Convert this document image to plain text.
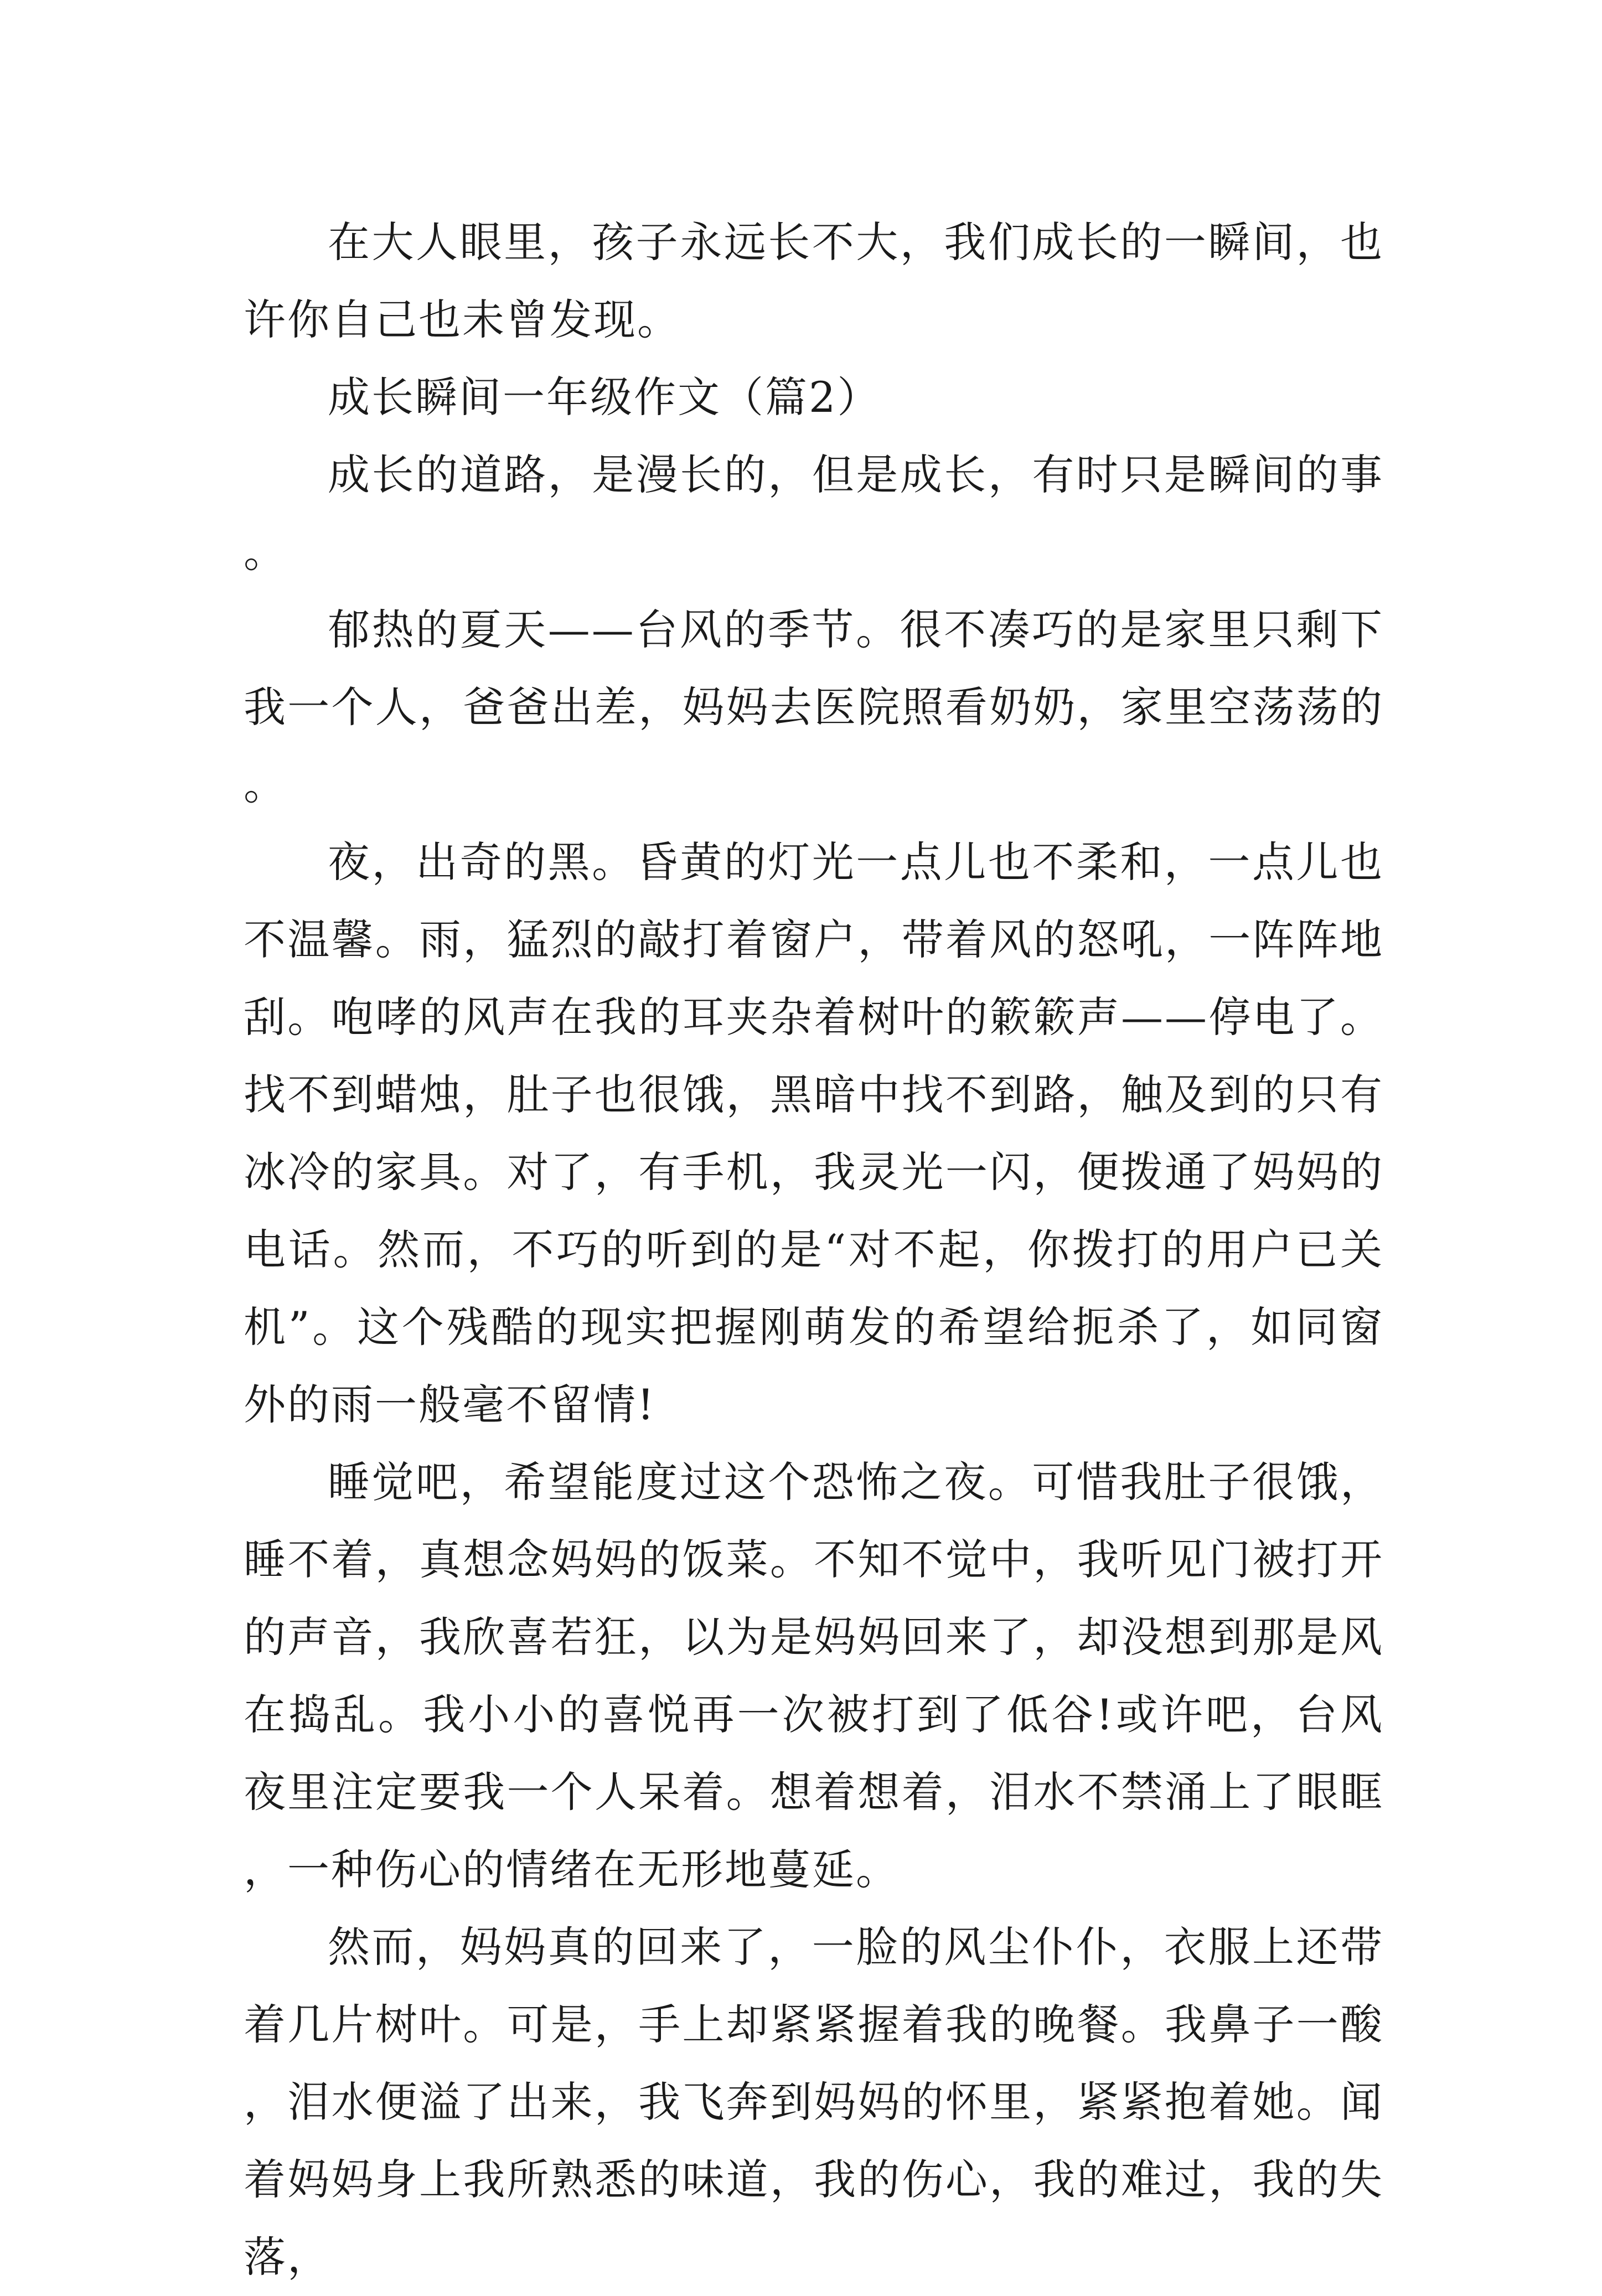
在大人眼里，孩子永远长不大，我们成长的一瞬间，也许你自己也未曾发现。

成长瞬间一年级作文（篇2）

成长的道路，是漫长的，但是成长，有时只是瞬间的事。

郁热的夏天——台风的季节。很不凑巧的是家里只剩下我一个人，爸爸出差，妈妈去医院照看奶奶，家里空荡荡的。

夜，出奇的黑。昏黄的灯光一点儿也不柔和，一点儿也不温馨。雨，猛烈的敲打着窗户，带着风的怒吼，一阵阵地刮。咆哮的风声在我的耳夹杂着树叶的簌簌声——停电了。找不到蜡烛，肚子也很饿，黑暗中找不到路，触及到的只有冰冷的家具。对了，有手机，我灵光一闪，便拨通了妈妈的电话。然而，不巧的听到的是“对不起，你拨打的用户已关机”。这个残酷的现实把握刚萌发的希望给扼杀了，如同窗外的雨一般毫不留情!

睡觉吧，希望能度过这个恐怖之夜。可惜我肚子很饿，睡不着，真想念妈妈的饭菜。不知不觉中，我听见门被打开的声音，我欣喜若狂，以为是妈妈回来了，却没想到那是风在捣乱。我小小的喜悦再一次被打到了低谷!或许吧，台风夜里注定要我一个人呆着。想着想着，泪水不禁涌上了眼眶，一种伤心的情绪在无形地蔓延。

然而，妈妈真的回来了，一脸的风尘仆仆，衣服上还带着几片树叶。可是，手上却紧紧握着我的晚餐。我鼻子一酸，泪水便溢了出来，我飞奔到妈妈的怀里，紧紧抱着她。闻着妈妈身上我所熟悉的味道，我的伤心，我的难过，我的失落，
